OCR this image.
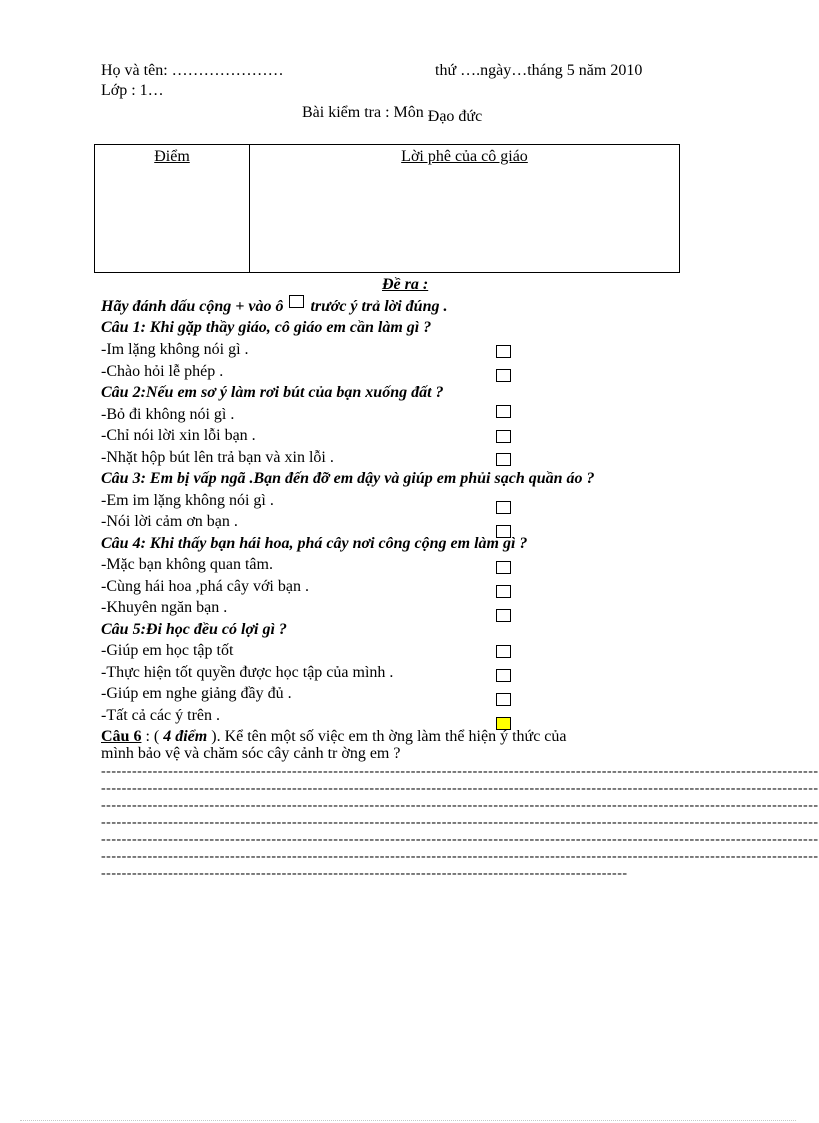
Họ và tên: …………………	thứ ….ngày…tháng 5 năm 2010
Lớp : 1…
Bài kiểm tra : Môn Đạo đức
Điểm	Lời phê của cô giáo
Đề ra :
Hãy đánh dấu cộng + vào ô trước ý trả lời đúng .
Câu 1: Khi gặp thầy giáo, cô giáo em cần làm gì ?
-Im lặng không nói gì .
-Chào hỏi lễ phép .
Câu 2:Nếu em sơ ý làm rơi bút của bạn xuống đất ?
-Bỏ đi không nói gì .
-Chỉ nói lời xin lỗi bạn .
-Nhặt hộp bút lên trả bạn và xin lỗi .
Câu 3: Em bị vấp ngã .Bạn đến đỡ em dậy và giúp em phủi sạch quần áo ?
-Em im lặng không nói gì .
-Nói lời cảm ơn bạn .
Câu 4: Khi thấy bạn hái hoa, phá cây nơi công cộng em làm gì ?
-Mặc bạn không quan tâm.
-Cùng hái hoa ,phá cây với bạn .
-Khuyên ngăn bạn .
Câu 5:Đi học đều có lợi gì ?
-Giúp em học tập tốt
-Thực hiện tốt quyền được học tập của mình .
-Giúp em nghe giảng đầy đủ .
-Tất cả các ý trên .
Câu 6 : ( 4 điểm ). Kể tên một số việc em th ờng làm thể hiện ý thức của
mình bảo vệ và chăm sóc cây cảnh tr ờng em ?
-------------------------------------------------------------------------------------------------------------------------------------------
-------------------------------------------------------------------------------------------------------------------------------------------
-------------------------------------------------------------------------------------------------------------------------------------------
-------------------------------------------------------------------------------------------------------------------------------------------
-------------------------------------------------------------------------------------------------------------------------------------------
-------------------------------------------------------------------------------------------------------------------------------------------
------------------------------------------------------------------------------------------------------
